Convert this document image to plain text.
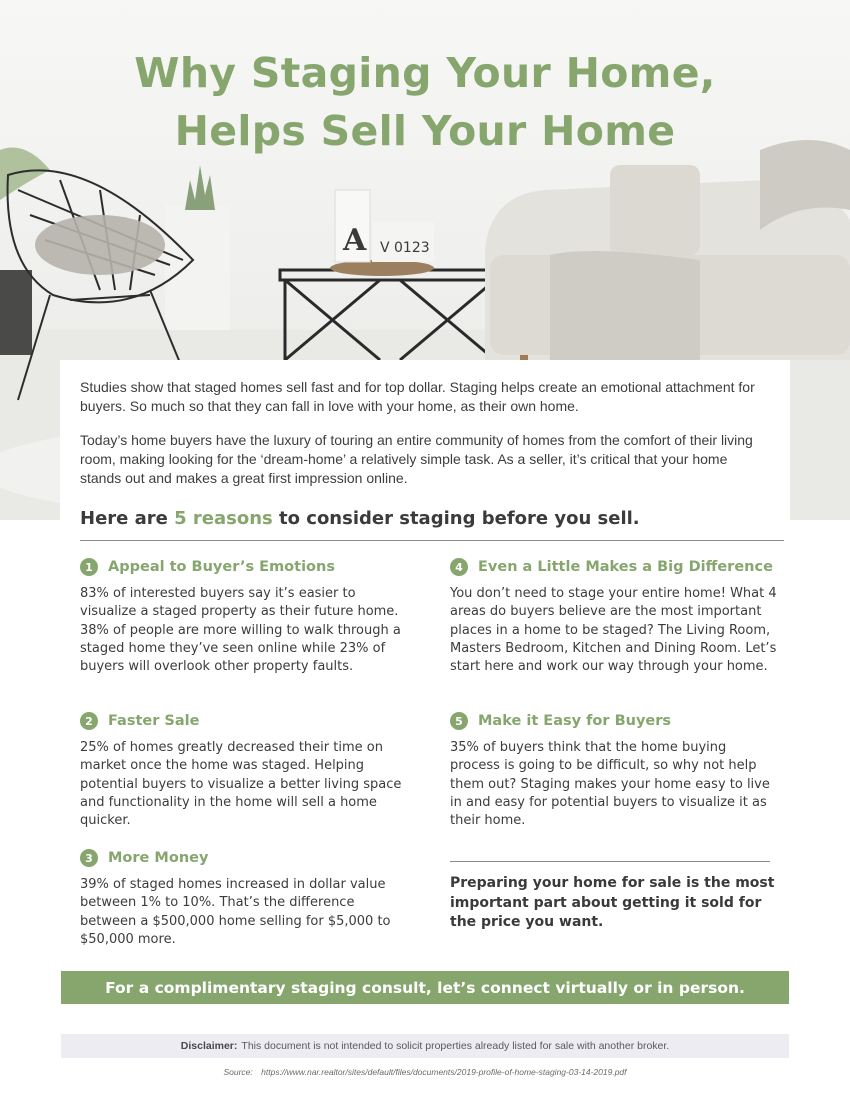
A V 0123
Why Staging Your Home,
Helps Sell Your Home
Studies show that staged homes sell fast and for top dollar. Staging helps create an emotional attachment for buyers. So much so that they can fall in love with your home, as their own home.
Today’s home buyers have the luxury of touring an entire community of homes from the comfort of their living room, making looking for the ‘dream-home’ a relatively simple task. As a seller, it’s critical that your home stands out and makes a great first impression online.
Here are 5 reasons to consider staging before you sell.
1	Appeal to Buyer’s Emotions
83% of interested buyers say it’s easier to visualize a staged property as their future home. 38% of people are more willing to walk through a staged home they’ve seen online while 23% of buyers will overlook other property faults.
2	Faster Sale
25% of homes greatly decreased their time on market once the home was staged. Helping potential buyers to visualize a better living space and functionality in the home will sell a home quicker.
3	More Money
39% of staged homes increased in dollar value between 1% to 10%. That’s the difference between a $500,000 home selling for $5,000 to $50,000 more.
4	Even a Little Makes a Big Difference
You don’t need to stage your entire home! What 4 areas do buyers believe are the most important places in a home to be staged? The Living Room, Masters Bedroom, Kitchen and Dining Room. Let’s start here and work our way through your home.
5	Make it Easy for Buyers
35% of buyers think that the home buying process is going to be difficult, so why not help them out? Staging makes your home easy to live in and easy for potential buyers to visualize it as their home.
Preparing your home for sale is the most important part about getting it sold for the price you want.
For a complimentary staging consult, let’s connect virtually or in person.
Disclaimer: This document is not intended to solicit properties already listed for sale with another broker.
Source: https://www.nar.realtor/sites/default/files/documents/2019-profile-of-home-staging-03-14-2019.pdf
